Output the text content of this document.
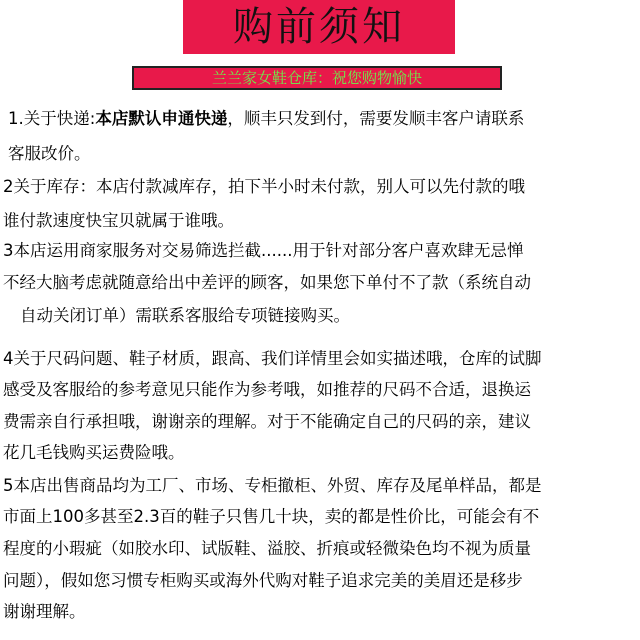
购前须知
兰兰家女鞋仓库：祝您购物愉快
1.关于快递:本店默认申通快递，顺丰只发到付，需要发顺丰客户请联系
客服改价。
2关于库存：本店付款减库存，拍下半小时未付款，别人可以先付款的哦
谁付款速度快宝贝就属于谁哦。
3本店运用商家服务对交易筛选拦截......用于针对部分客户喜欢肆无忌惮
不经大脑考虑就随意给出中差评的顾客，如果您下单付不了款（系统自动
自动关闭订单）需联系客服给专项链接购买。
4关于尺码问题、鞋子材质，跟高、我们详情里会如实描述哦，仓库的试脚
感受及客服给的参考意见只能作为参考哦，如推荐的尺码不合适，退换运
费需亲自行承担哦，谢谢亲的理解。对于不能确定自己的尺码的亲，建议
花几毛钱购买运费险哦。
5本店出售商品均为工厂、市场、专柜撤柜、外贸、库存及尾单样品，都是
市面上100多甚至2.3百的鞋子只售几十块，卖的都是性价比，可能会有不
程度的小瑕疵（如胶水印、试版鞋、溢胶、折痕或轻微染色均不视为质量
问题），假如您习惯专柜购买或海外代购对鞋子追求完美的美眉还是移步
谢谢理解。
